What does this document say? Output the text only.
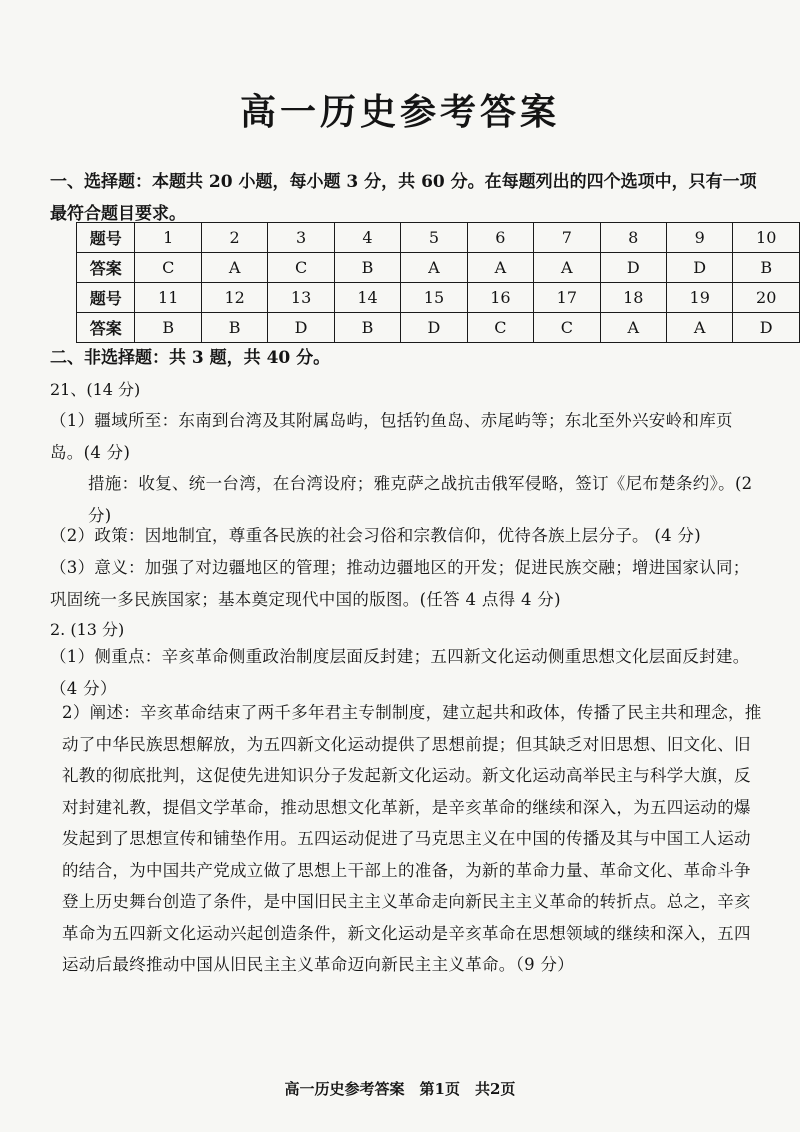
高一历史参考答案
一、选择题：本题共 20 小题，每小题 3 分，共 60 分。在每题列出的四个选项中，只有一项最符合题目要求。
题号	1	2	3	4	5	6	7	8	9	10
答案	C	A	C	B	A	A	A	D	D	B
题号	11	12	13	14	15	16	17	18	19	20
答案	B	B	D	B	D	C	C	A	A	D
二、非选择题：共 3 题，共 40 分。
21、(14 分)
（1）疆域所至：东南到台湾及其附属岛屿，包括钓鱼岛、赤尾屿等；东北至外兴安岭和库页岛。(4 分)
措施：收复、统一台湾，在台湾设府；雅克萨之战抗击俄军侵略，签订《尼布楚条约》。(2 分)
（2）政策：因地制宜，尊重各民族的社会习俗和宗教信仰，优待各族上层分子。 (4 分)
（3）意义：加强了对边疆地区的管理；推动边疆地区的开发；促进民族交融；增进国家认同；巩固统一多民族国家；基本奠定现代中国的版图。(任答 4 点得 4 分)
2. (13 分)
（1）侧重点：辛亥革命侧重政治制度层面反封建；五四新文化运动侧重思想文化层面反封建。（4 分）
2）阐述：辛亥革命结束了两千多年君主专制制度，建立起共和政体，传播了民主共和理念，推动了中华民族思想解放，为五四新文化运动提供了思想前提；但其缺乏对旧思想、旧文化、旧礼教的彻底批判，这促使先进知识分子发起新文化运动。新文化运动高举民主与科学大旗，反对封建礼教，提倡文学革命，推动思想文化革新，是辛亥革命的继续和深入，为五四运动的爆发起到了思想宣传和铺垫作用。五四运动促进了马克思主义在中国的传播及其与中国工人运动的结合，为中国共产党成立做了思想上干部上的准备，为新的革命力量、革命文化、革命斗争登上历史舞台创造了条件，是中国旧民主主义革命走向新民主主义革命的转折点。总之，辛亥革命为五四新文化运动兴起创造条件，新文化运动是辛亥革命在思想领域的继续和深入，五四运动后最终推动中国从旧民主主义革命迈向新民主主义革命。（9 分）
高一历史参考答案　第1页　共2页
